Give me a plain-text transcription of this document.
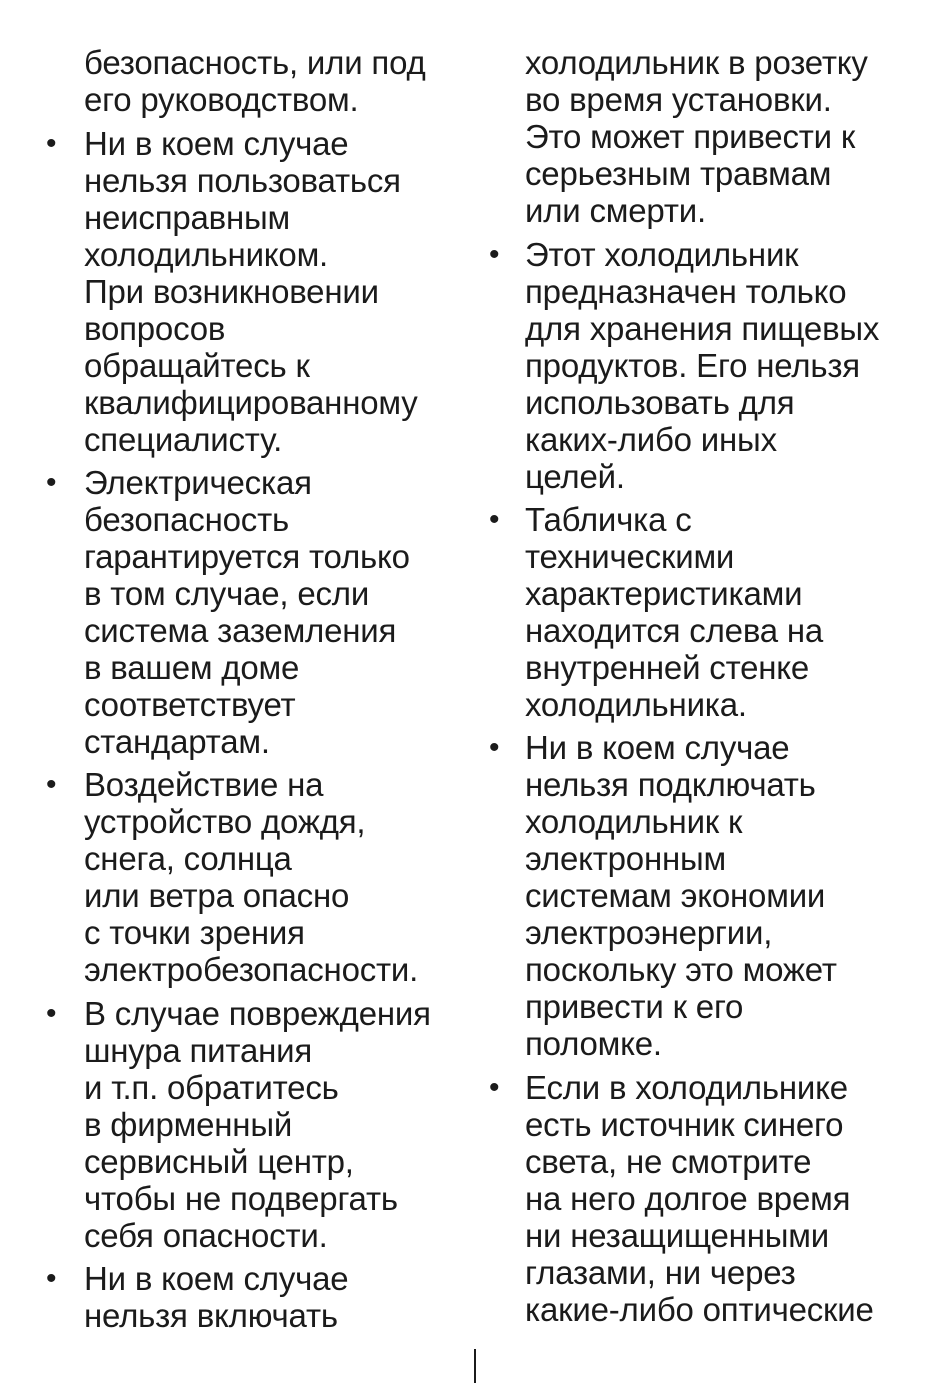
безопасность, или под
его руководством.
• Ни в коем случае
нельзя пользоваться
неисправным
холодильником.
При возникновении
вопросов
обращайтесь к
квалифицированному
специалисту.
• Электрическая
безопасность
гарантируется только
в том случае, если
система заземления
в вашем доме
соответствует
стандартам.
• Воздействие на
устройство дождя,
снега, солнца
или ветра опасно
с точки зрения
электробезопасности.
• В случае повреждения
шнура питания
и т.п. обратитесь
в фирменный
сервисный центр,
чтобы не подвергать
себя опасности.
• Ни в коем случае
нельзя включать
холодильник в розетку
во время установки.
Это может привести к
серьезным травмам
или смерти.
• Этот холодильник
предназначен только
для хранения пищевых
продуктов. Его нельзя
использовать для
каких-либо иных
целей.
• Табличка с
техническими
характеристиками
находится слева на
внутренней стенке
холодильника.
• Ни в коем случае
нельзя подключать
холодильник к
электронным
системам экономии
электроэнергии,
поскольку это может
привести к его
поломке.
• Если в холодильнике
есть источник синего
света, не смотрите
на него долгое время
ни незащищенными
глазами, ни через
какие-либо оптические
